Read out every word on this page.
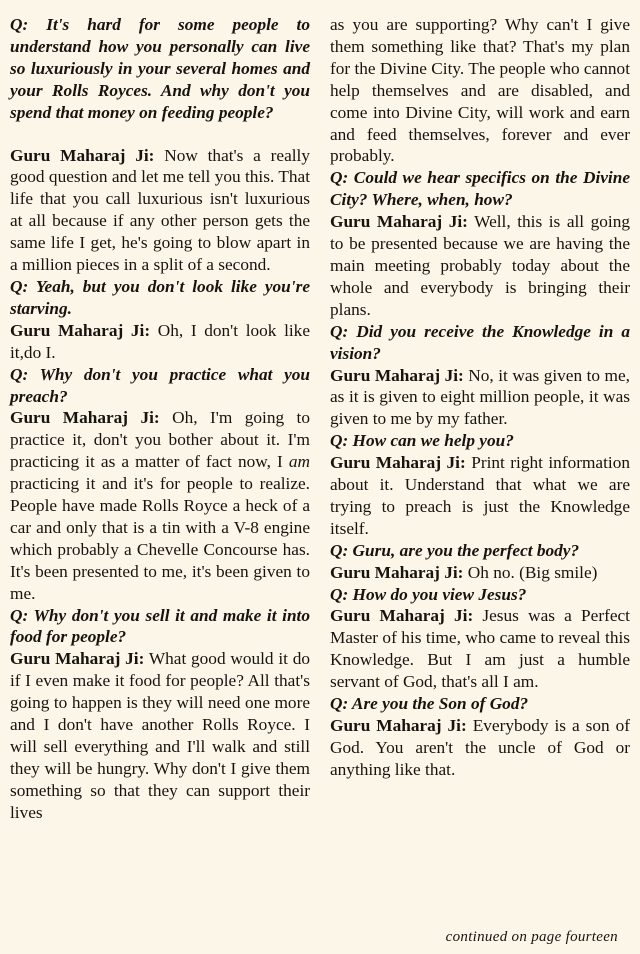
Q: It's hard for some people to understand how you personally can live so luxuriously in your several homes and your Rolls Royces. And why don't you spend that money on feeding people?

Guru Maharaj Ji: Now that's a really good question and let me tell you this. That life that you call luxurious isn't luxurious at all because if any other person gets the same life I get, he's going to blow apart in a million pieces in a split of a second.

Q: Yeah, but you don't look like you're starving.

Guru Maharaj Ji: Oh, I don't look like it,do I.

Q: Why don't you practice what you preach?

Guru Maharaj Ji: Oh, I'm going to practice it, don't you bother about it. I'm practicing it as a matter of fact now, I am practicing it and it's for people to realize. People have made Rolls Royce a heck of a car and only that is a tin with a V-8 engine which probably a Chevelle Concourse has. It's been presented to me, it's been given to me.

Q: Why don't you sell it and make it into food for people?

Guru Maharaj Ji: What good would it do if I even make it food for people? All that's going to happen is they will need one more and I don't have another Rolls Royce. I will sell everything and I'll walk and still they will be hungry. Why don't I give them something so that they can support their lives

as you are supporting? Why can't I give them something like that? That's my plan for the Divine City. The people who cannot help themselves and are disabled, and come into Divine City, will work and earn and feed themselves, forever and ever probably.

Q: Could we hear specifics on the Divine City? Where, when, how?

Guru Maharaj Ji: Well, this is all going to be presented because we are having the main meeting probably today about the whole and everybody is bringing their plans.

Q: Did you receive the Knowledge in a vision?

Guru Maharaj Ji: No, it was given to me, as it is given to eight million people, it was given to me by my father.

Q: How can we help you?

Guru Maharaj Ji: Print right information about it. Understand that what we are trying to preach is just the Knowledge itself.

Q: Guru, are you the perfect body?

Guru Maharaj Ji: Oh no. (Big smile)

Q: How do you view Jesus?

Guru Maharaj Ji: Jesus was a Perfect Master of his time, who came to reveal this Knowledge. But I am just a humble servant of God, that's all I am.

Q: Are you the Son of God?

Guru Maharaj Ji: Everybody is a son of God. You aren't the uncle of God or anything like that.

continued on page fourteen
